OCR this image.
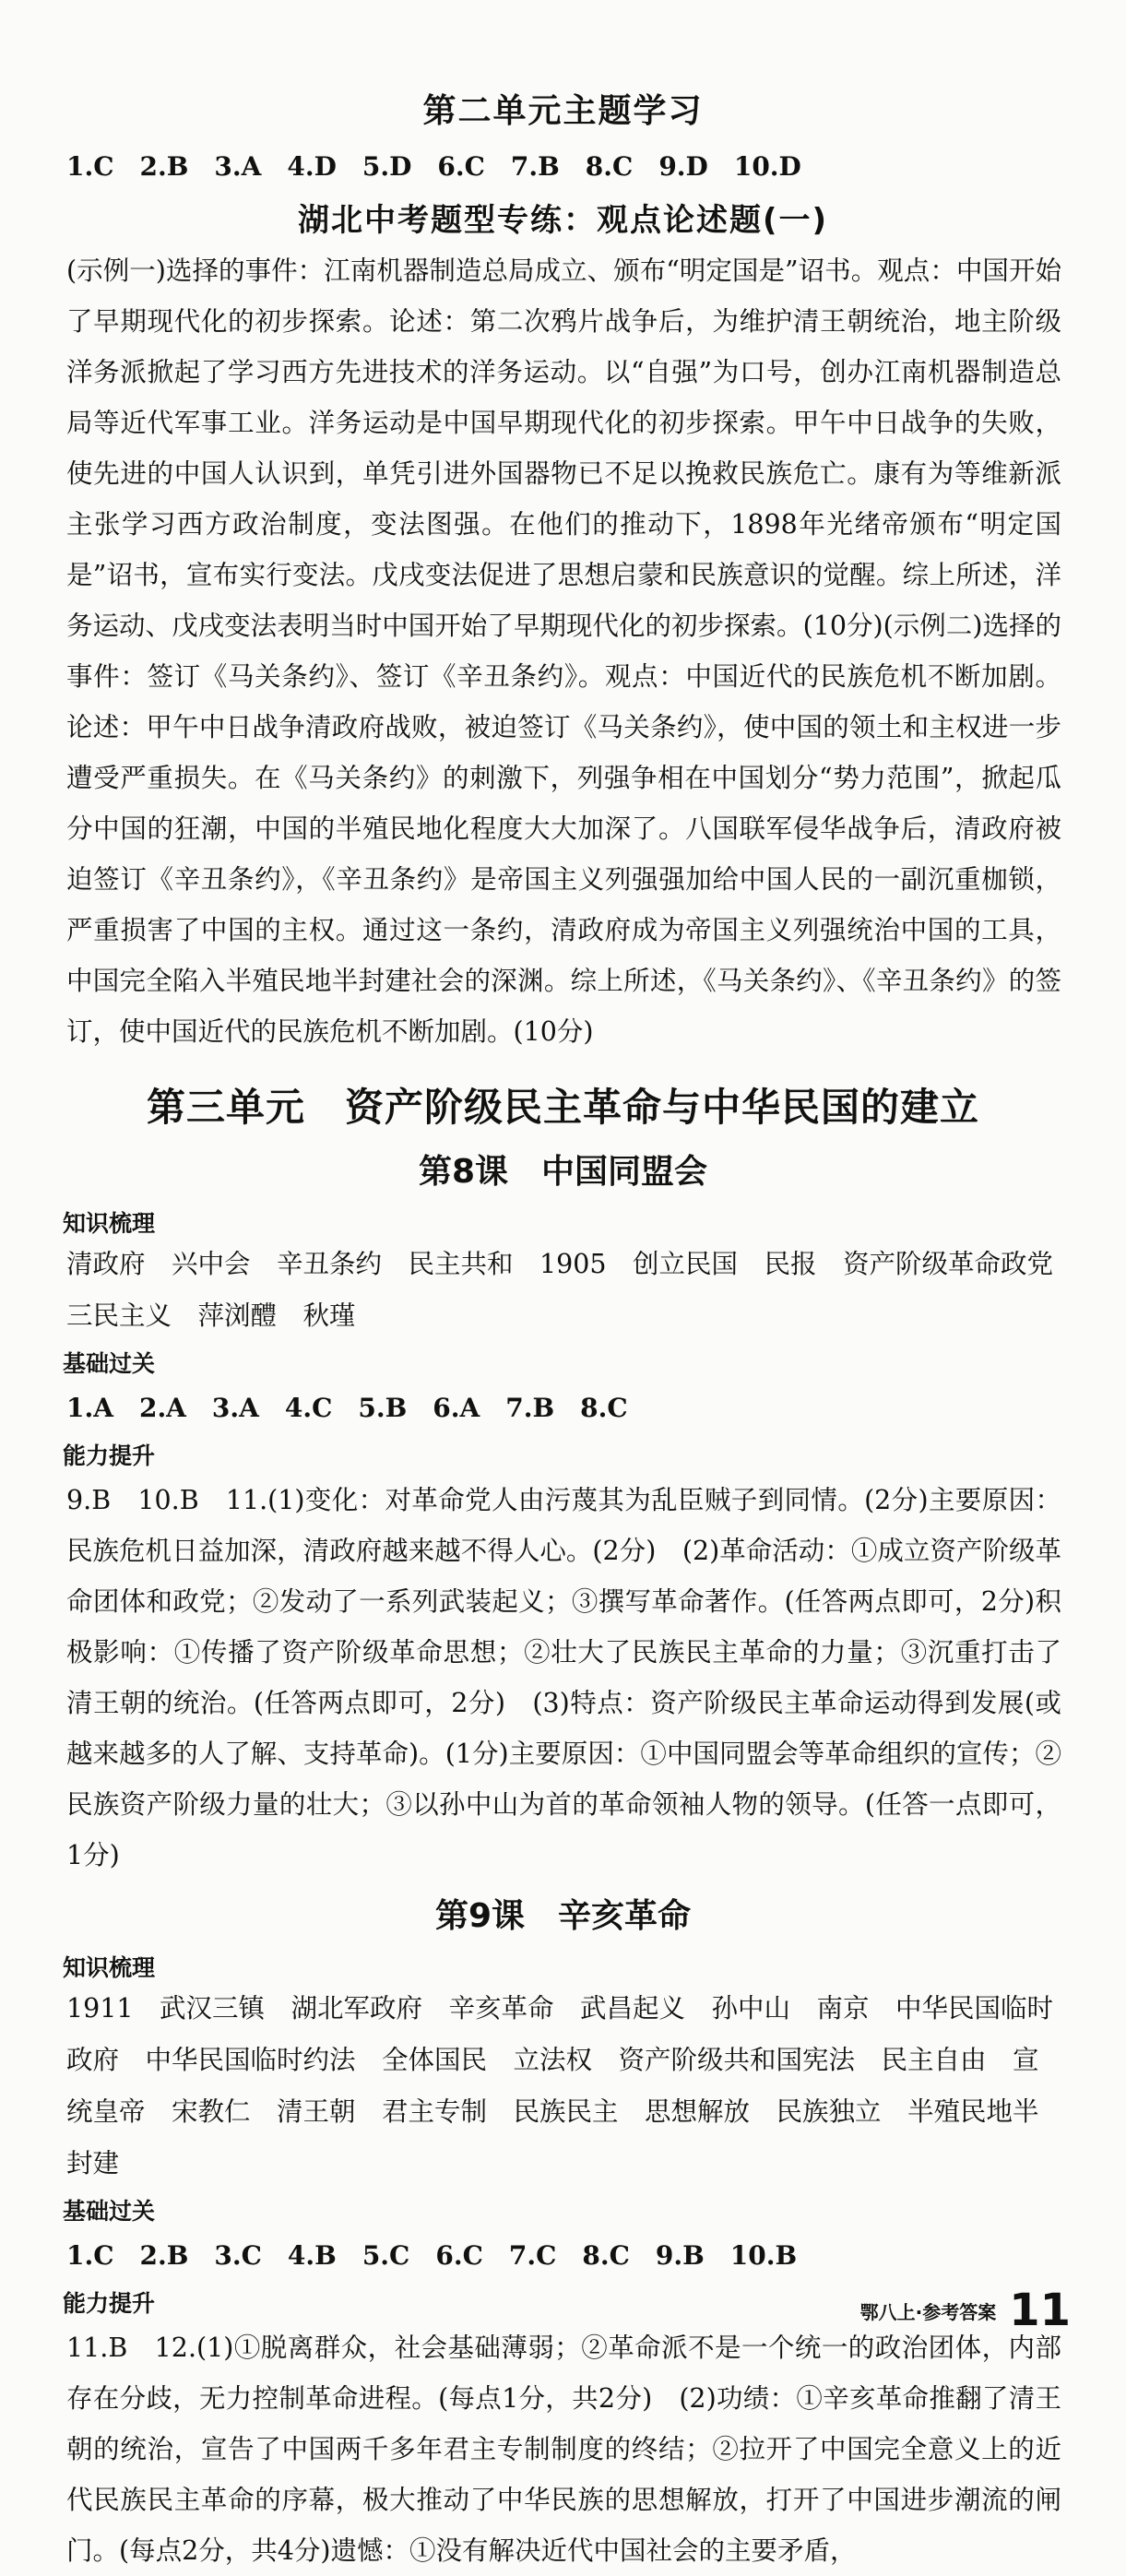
第二单元主题学习
1.C　2.B　3.A　4.D　5.D　6.C　7.B　8.C　9.D　10.D
湖北中考题型专练：观点论述题(一)
(示例一)选择的事件：江南机器制造总局成立、颁布“明定国是”诏书。观点：中国开始了早期现代化的初步探索。论述：第二次鸦片战争后，为维护清王朝统治，地主阶级洋务派掀起了学习西方先进技术的洋务运动。以“自强”为口号，创办江南机器制造总局等近代军事工业。洋务运动是中国早期现代化的初步探索。甲午中日战争的失败，使先进的中国人认识到，单凭引进外国器物已不足以挽救民族危亡。康有为等维新派主张学习西方政治制度，变法图强。在他们的推动下，1898年光绪帝颁布“明定国是”诏书，宣布实行变法。戊戌变法促进了思想启蒙和民族意识的觉醒。综上所述，洋务运动、戊戌变法表明当时中国开始了早期现代化的初步探索。(10分)(示例二)选择的事件：签订《马关条约》、签订《辛丑条约》。观点：中国近代的民族危机不断加剧。论述：甲午中日战争清政府战败，被迫签订《马关条约》，使中国的领土和主权进一步遭受严重损失。在《马关条约》的刺激下，列强争相在中国划分“势力范围”，掀起瓜分中国的狂潮，中国的半殖民地化程度大大加深了。八国联军侵华战争后，清政府被迫签订《辛丑条约》，《辛丑条约》是帝国主义列强强加给中国人民的一副沉重枷锁，严重损害了中国的主权。通过这一条约，清政府成为帝国主义列强统治中国的工具，中国完全陷入半殖民地半封建社会的深渊。综上所述，《马关条约》、《辛丑条约》的签订，使中国近代的民族危机不断加剧。(10分)
第三单元　资产阶级民主革命与中华民国的建立
第8课　中国同盟会
知识梳理
清政府　兴中会　辛丑条约　民主共和　1905　创立民国　民报　资产阶级革命政党　三民主义　萍浏醴　秋瑾
基础过关
1.A　2.A　3.A　4.C　5.B　6.A　7.B　8.C
能力提升
9.B　10.B　11.(1)变化：对革命党人由污蔑其为乱臣贼子到同情。(2分)主要原因：民族危机日益加深，清政府越来越不得人心。(2分)　(2)革命活动：①成立资产阶级革命团体和政党；②发动了一系列武装起义；③撰写革命著作。(任答两点即可，2分)积极影响：①传播了资产阶级革命思想；②壮大了民族民主革命的力量；③沉重打击了清王朝的统治。(任答两点即可，2分)　(3)特点：资产阶级民主革命运动得到发展(或越来越多的人了解、支持革命)。(1分)主要原因：①中国同盟会等革命组织的宣传；②民族资产阶级力量的壮大；③以孙中山为首的革命领袖人物的领导。(任答一点即可，1分)
第9课　辛亥革命
知识梳理
1911　武汉三镇　湖北军政府　辛亥革命　武昌起义　孙中山　南京　中华民国临时政府　中华民国临时约法　全体国民　立法权　资产阶级共和国宪法　民主自由　宣统皇帝　宋教仁　清王朝　君主专制　民族民主　思想解放　民族独立　半殖民地半封建
基础过关
1.C　2.B　3.C　4.B　5.C　6.C　7.C　8.C　9.B　10.B
能力提升
11.B　12.(1)①脱离群众，社会基础薄弱；②革命派不是一个统一的政治团体，内部存在分歧，无力控制革命进程。(每点1分，共2分)　(2)功绩：①辛亥革命推翻了清王朝的统治，宣告了中国两千多年君主专制制度的终结；②拉开了中国完全意义上的近代民族民主革命的序幕，极大推动了中华民族的思想解放，打开了中国进步潮流的闸门。(每点2分，共4分)遗憾：①没有解决近代中国社会的主要矛盾，
鄂八上·参考答案 11
